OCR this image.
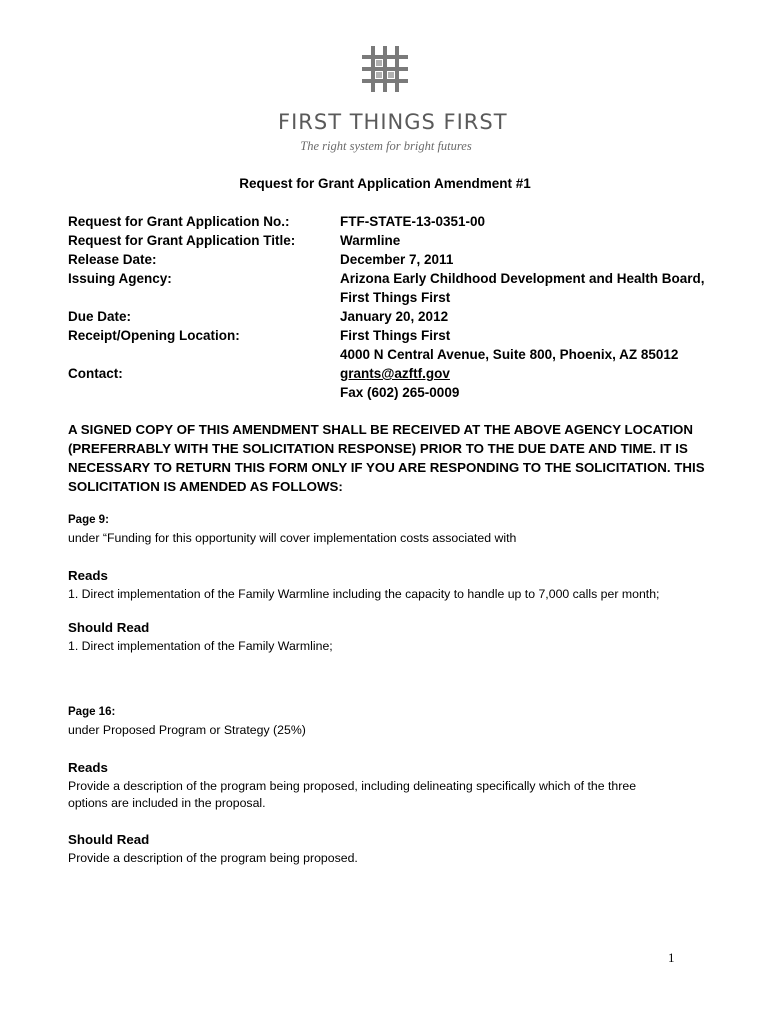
FIRST THINGS FIRST
The right system for bright futures
Request for Grant Application Amendment #1
Request for Grant Application No.:	FTF-STATE-13-0351-00
Request for Grant Application Title:	Warmline
Release Date:	December 7, 2011
Issuing Agency:	Arizona Early Childhood Development and Health Board,
First Things First
Due Date:	January 20, 2012
Receipt/Opening Location:	First Things First
4000 N Central Avenue, Suite 800, Phoenix, AZ 85012
Contact:	grants@azftf.gov
Fax (602) 265-0009
A SIGNED COPY OF THIS AMENDMENT SHALL BE RECEIVED AT THE ABOVE AGENCY LOCATION
(PREFERRABLY WITH THE SOLICITATION RESPONSE) PRIOR TO THE DUE DATE AND TIME. IT IS
NECESSARY TO RETURN THIS FORM ONLY IF YOU ARE RESPONDING TO THE SOLICITATION. THIS
SOLICITATION IS AMENDED AS FOLLOWS:
Page 9:
under “Funding for this opportunity will cover implementation costs associated with
Reads
1. Direct implementation of the Family Warmline including the capacity to handle up to 7,000 calls per month;
Should Read
1. Direct implementation of the Family Warmline;
Page 16:
under Proposed Program or Strategy (25%)
Reads
Provide a description of the program being proposed, including delineating specifically which of the three
options are included in the proposal.
Should Read
Provide a description of the program being proposed.
1
